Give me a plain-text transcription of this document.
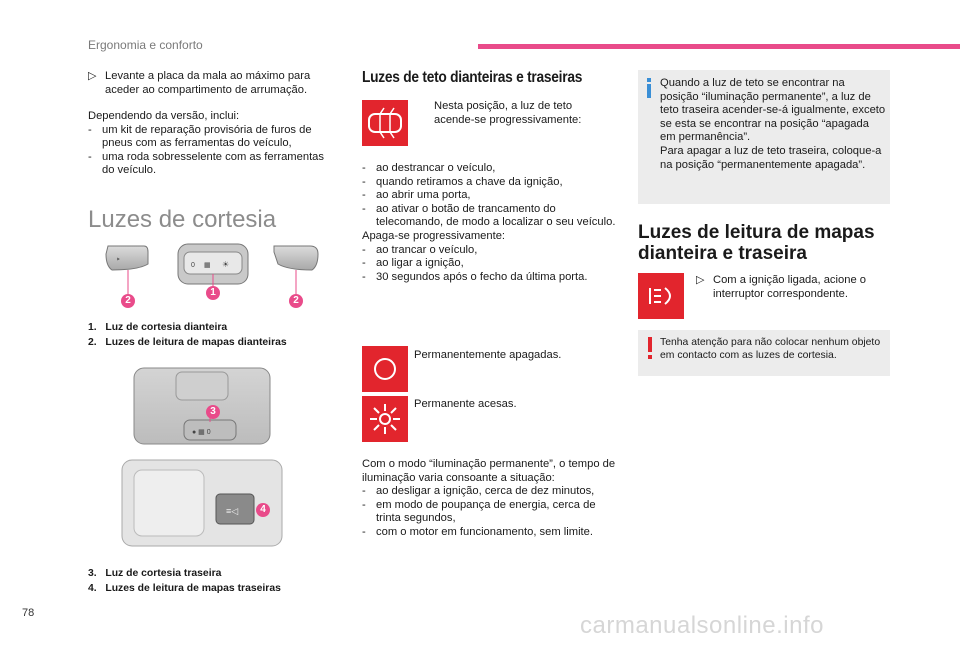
Ergonomia e conforto
▷ Levante a placa da mala ao máximo para aceder ao compartimento de arrumação.
Dependendo da versão, inclui:
- um kit de reparação provisória de furos de pneus com as ferramentas do veículo,
- uma roda sobresselente com as ferramentas do veículo.
Luzes de cortesia
‣
0 ▦ ☀
2
1
2
1. Luz de cortesia dianteira
2. Luzes de leitura de mapas dianteiras
● ▦ 0
≡◁
3
4
3. Luz de cortesia traseira
4. Luzes de leitura de mapas traseiras
Luzes de teto dianteiras e traseiras
Nesta posição, a luz de teto acende-se progressivamente:
- ao destrancar o veículo,
- quando retiramos a chave da ignição,
- ao abrir uma porta,
- ao ativar o botão de trancamento do telecomando, de modo a localizar o seu veículo.
Apaga-se progressivamente:
- ao trancar o veículo,
- ao ligar a ignição,
- 30 segundos após o fecho da última porta.
Permanentemente apagadas.
Permanente acesas.
Com o modo “iluminação permanente”, o tempo de iluminação varia consoante a situação:
- ao desligar a ignição, cerca de dez minutos,
- em modo de poupança de energia, cerca de trinta segundos,
- com o motor em funcionamento, sem limite.
Quando a luz de teto se encontrar na posição “iluminação permanente”, a luz de teto traseira acender-se-á igualmente, exceto se esta se encontrar na posição “apagada em permanência”.
Para apagar a luz de teto traseira, coloque-a na posição “permanentemente apagada”.
Luzes de leitura de mapas dianteira e traseira
▷ Com a ignição ligada, acione o interruptor correspondente.
Tenha atenção para não colocar nenhum objeto em contacto com as luzes de cortesia.
78	carmanualsonline.info
